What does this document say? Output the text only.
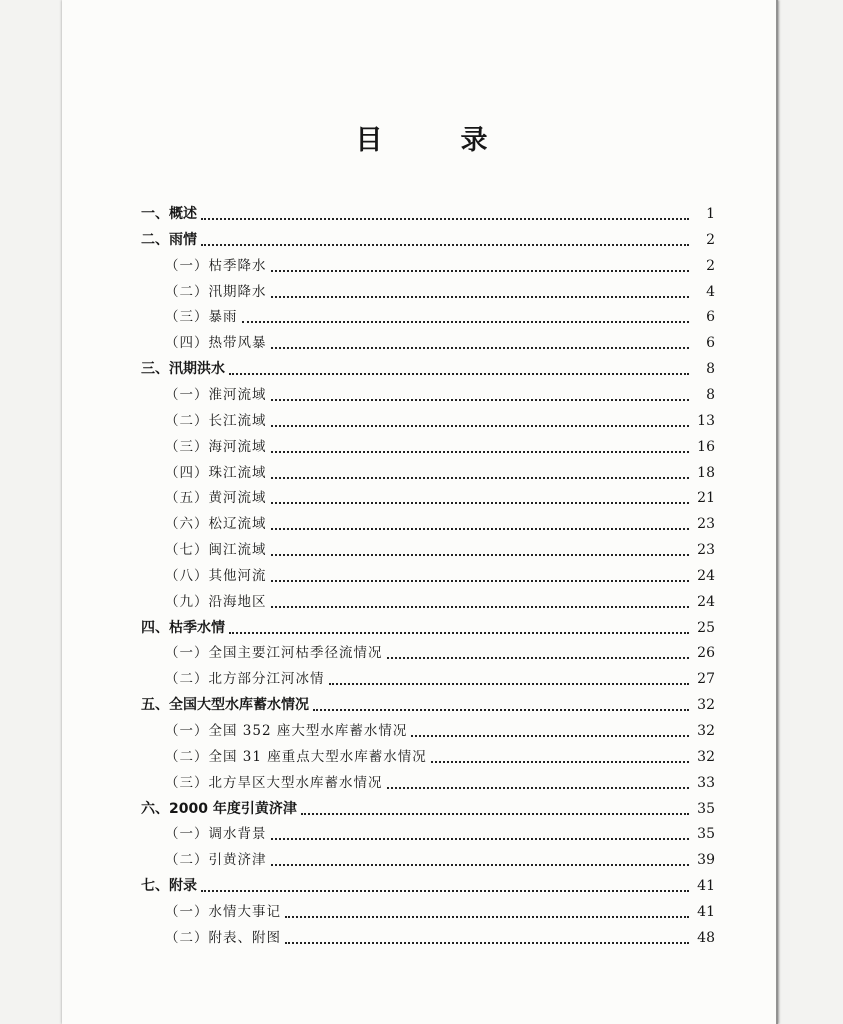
目	录
一、概述	1
二、雨情	2
（一）枯季降水	2
（二）汛期降水	4
（三）暴雨	6
（四）热带风暴	6
三、汛期洪水	8
（一）淮河流域	8
（二）长江流域	13
（三）海河流域	16
（四）珠江流域	18
（五）黄河流域	21
（六）松辽流域	23
（七）闽江流域	23
（八）其他河流	24
（九）沿海地区	24
四、枯季水情	25
（一）全国主要江河枯季径流情况	26
（二）北方部分江河冰情	27
五、全国大型水库蓄水情况	32
（一）全国 352 座大型水库蓄水情况	32
（二）全国 31 座重点大型水库蓄水情况	32
（三）北方旱区大型水库蓄水情况	33
六、2000 年度引黄济津	35
（一）调水背景	35
（二）引黄济津	39
七、附录	41
（一）水情大事记	41
（二）附表、附图	48
